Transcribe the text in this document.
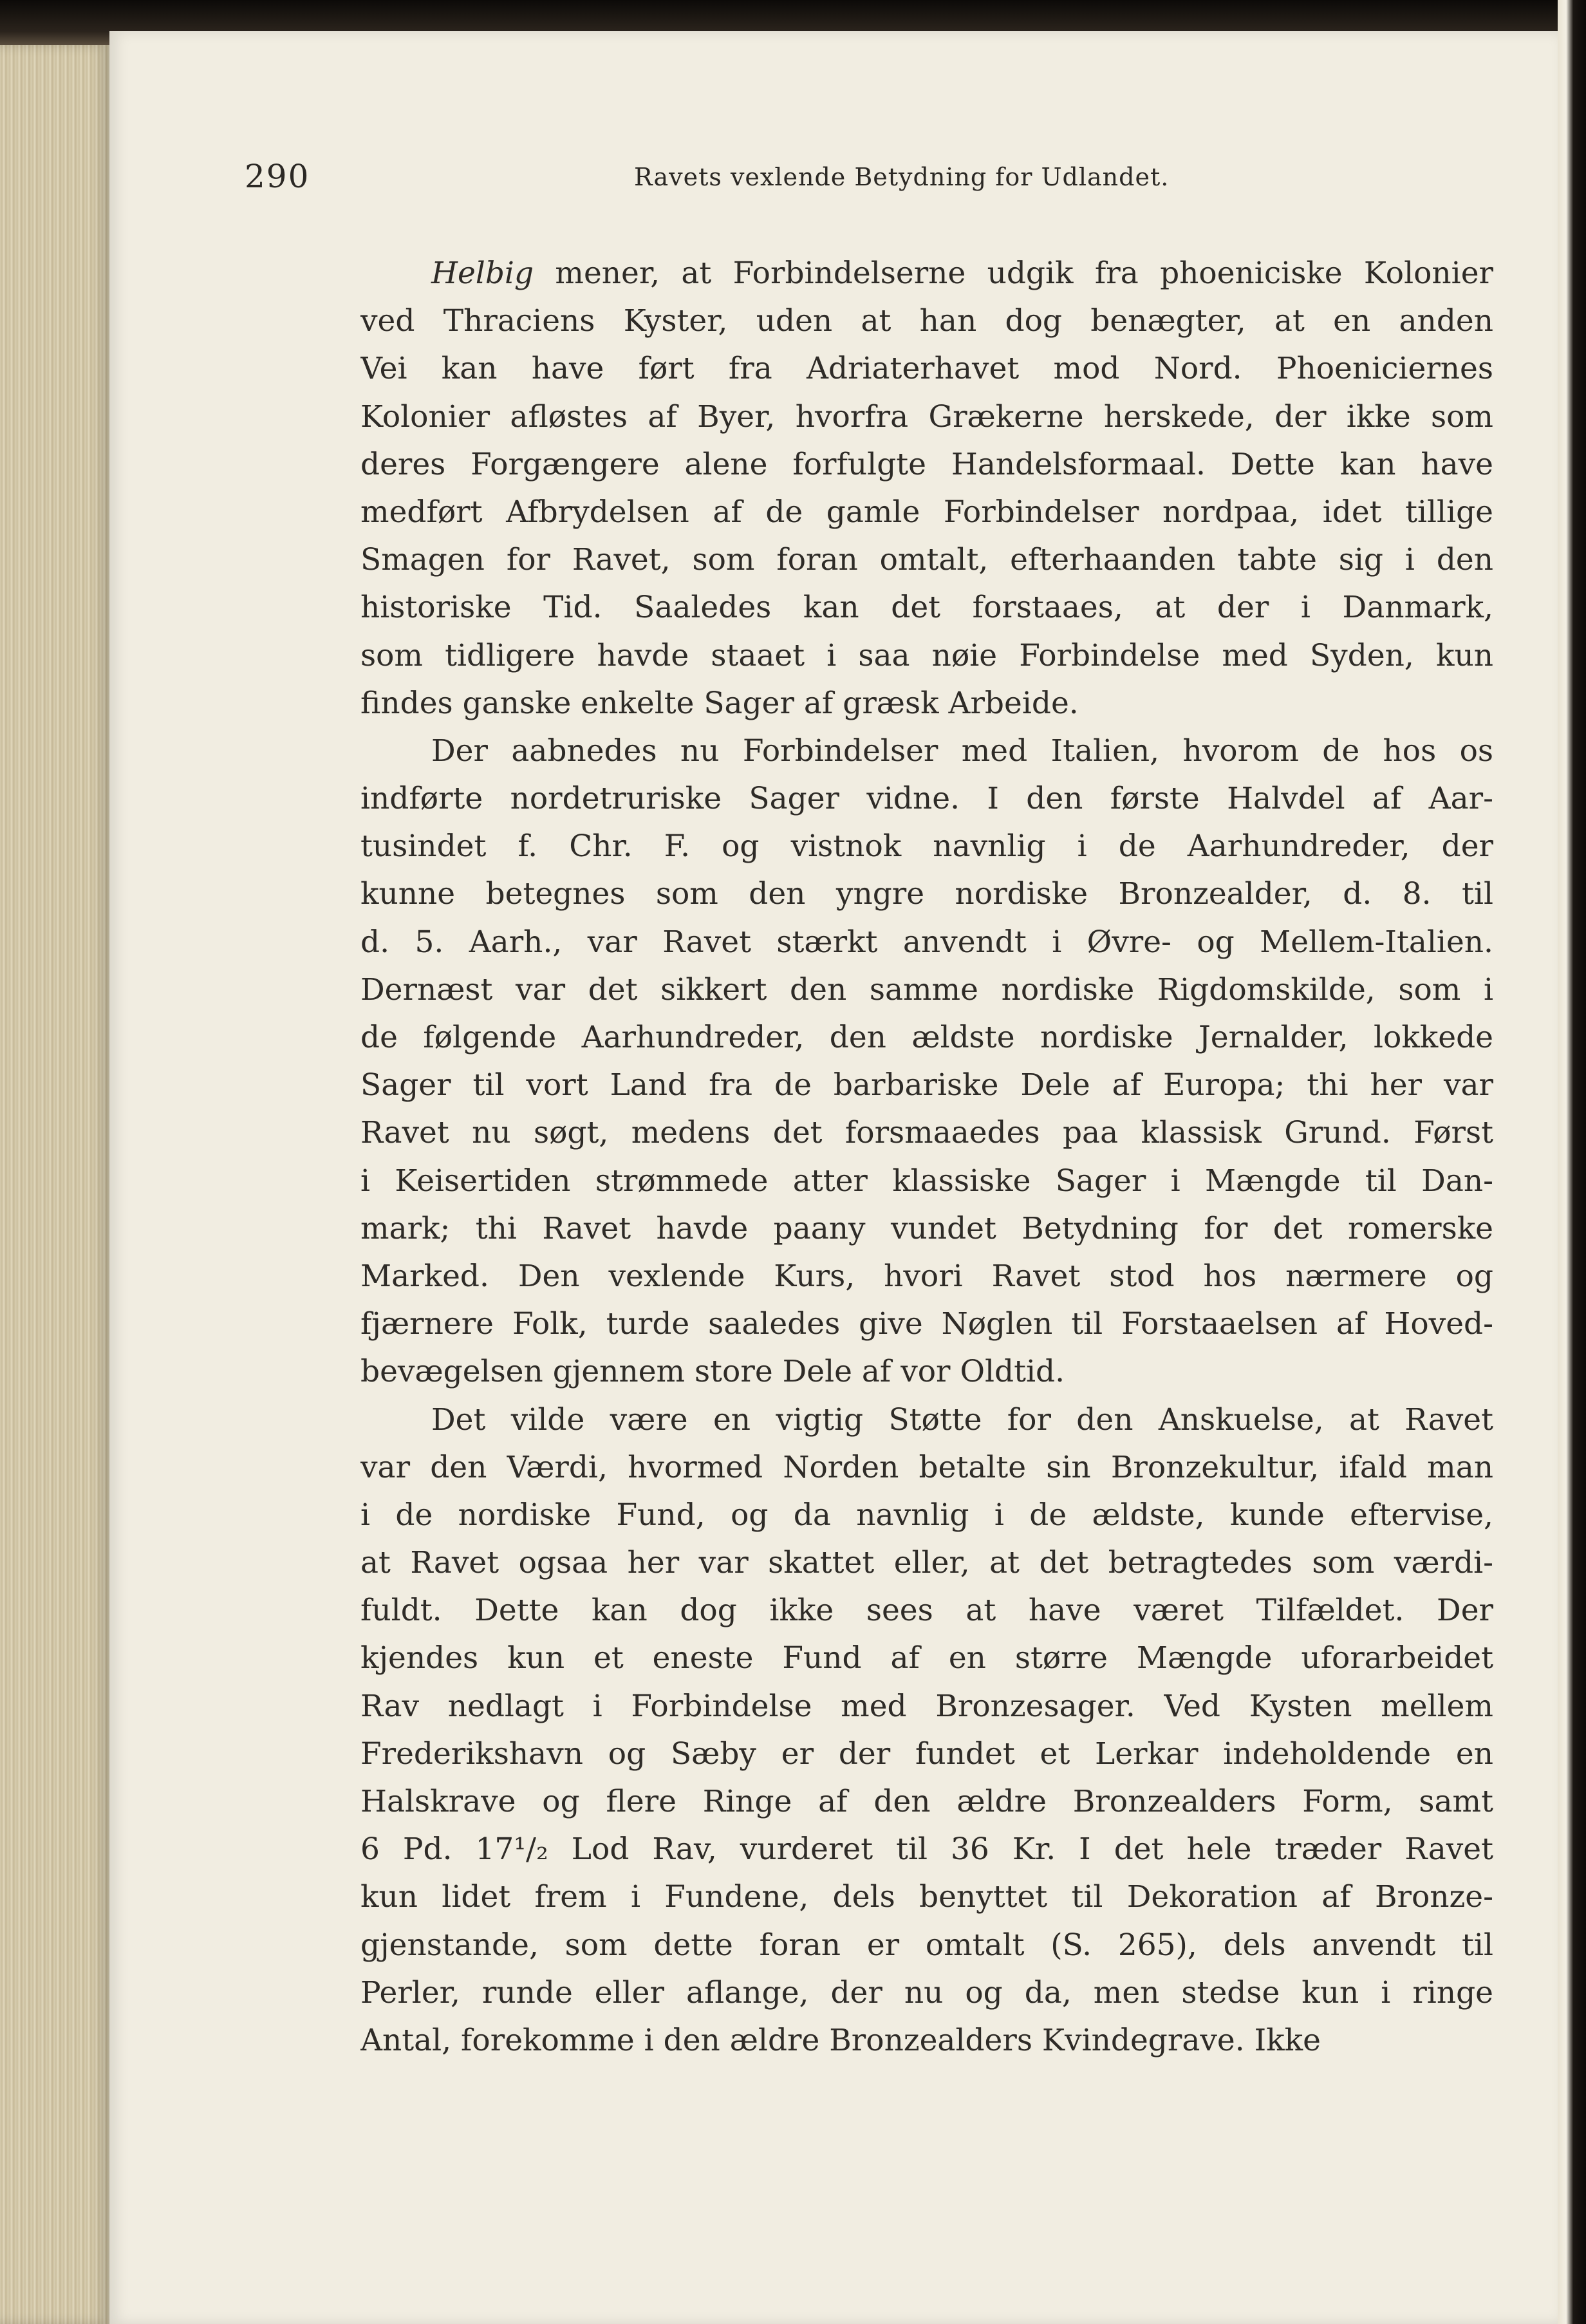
290	Ravets vexlende Betydning for Udlandet.
Helbig mener, at Forbindelserne udgik fra phoeniciske Kolonier
ved Thraciens Kyster, uden at han dog benægter, at en anden
Vei kan have ført fra Adriaterhavet mod Nord. Phoeniciernes
Kolonier afløstes af Byer, hvorfra Grækerne herskede, der ikke som
deres Forgængere alene forfulgte Handelsformaal. Dette kan have
medført Afbrydelsen af de gamle Forbindelser nordpaa, idet tillige
Smagen for Ravet, som foran omtalt, efterhaanden tabte sig i den
historiske Tid. Saaledes kan det forstaaes, at der i Danmark,
som tidligere havde staaet i saa nøie Forbindelse med Syden, kun
findes ganske enkelte Sager af græsk Arbeide.
Der aabnedes nu Forbindelser med Italien, hvorom de hos os
indførte nordetruriske Sager vidne. I den første Halvdel af Aar-
tusindet f. Chr. F. og vistnok navnlig i de Aarhundreder, der
kunne betegnes som den yngre nordiske Bronzealder, d. 8. til
d. 5. Aarh., var Ravet stærkt anvendt i Øvre- og Mellem-Italien.
Dernæst var det sikkert den samme nordiske Rigdomskilde, som i
de følgende Aarhundreder, den ældste nordiske Jernalder, lokkede
Sager til vort Land fra de barbariske Dele af Europa; thi her var
Ravet nu søgt, medens det forsmaaedes paa klassisk Grund. Først
i Keisertiden strømmede atter klassiske Sager i Mængde til Dan-
mark; thi Ravet havde paany vundet Betydning for det romerske
Marked. Den vexlende Kurs, hvori Ravet stod hos nærmere og
fjærnere Folk, turde saaledes give Nøglen til Forstaaelsen af Hoved-
bevægelsen gjennem store Dele af vor Oldtid.
Det vilde være en vigtig Støtte for den Anskuelse, at Ravet
var den Værdi, hvormed Norden betalte sin Bronzekultur, ifald man
i de nordiske Fund, og da navnlig i de ældste, kunde eftervise,
at Ravet ogsaa her var skattet eller, at det betragtedes som værdi-
fuldt. Dette kan dog ikke sees at have været Tilfældet. Der
kjendes kun et eneste Fund af en større Mængde uforarbeidet
Rav nedlagt i Forbindelse med Bronzesager. Ved Kysten mellem
Frederikshavn og Sæby er der fundet et Lerkar indeholdende en
Halskrave og flere Ringe af den ældre Bronzealders Form, samt
6 Pd. 17¹/₂ Lod Rav, vurderet til 36 Kr. I det hele træder Ravet
kun lidet frem i Fundene, dels benyttet til Dekoration af Bronze-
gjenstande, som dette foran er omtalt (S. 265), dels anvendt til
Perler, runde eller aflange, der nu og da, men stedse kun i ringe
Antal, forekomme i den ældre Bronzealders Kvindegrave. Ikke
